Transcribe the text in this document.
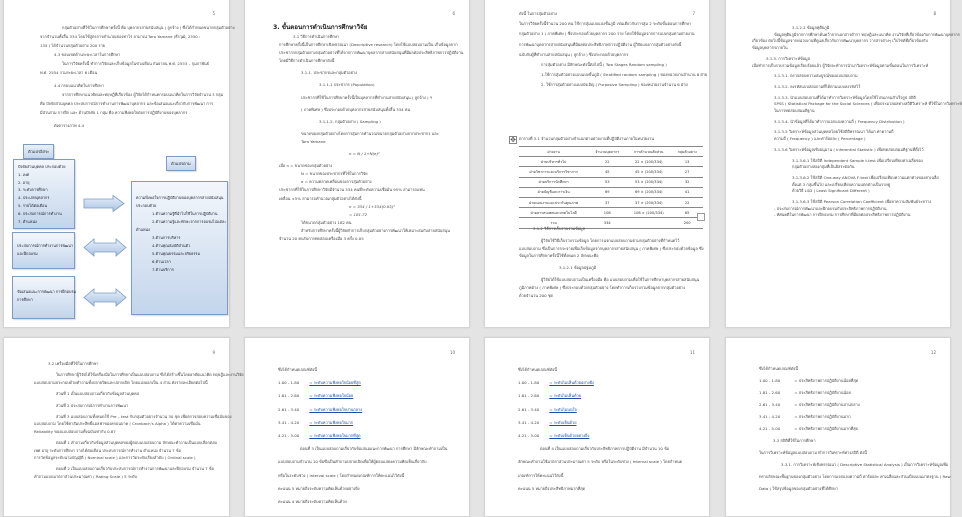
5
กลุ่มตัวอย่างที่ใช้ในการศึกษาครั้งนี้ คือ บุคลากรสายสนับสนุน ( ลูกจ้าง ) ซึ่งได้กำหนดขนาดกลุ่มตัวอย่าง
จากจำนวนทั้งสิ้น 334 โดยใช้สูตรการคำนวณของทาโร่ ยามาเน่ Taro Yamane (ธีรวุฒิ, 2550 :
135 ) ได้จำนวนกลุ่มตัวอย่าง 200 ราย
4.3 ขอบเขตด้านระยะเวลาในการศึกษา
ในการวิจัยครั้งนี้ ทำการวิจัยและเก็บข้อมูลในช่วงเดือน กันยายน พ.ศ. 2553 – กุมภาพันธ์
พ.ศ. 2554 รวมระยะเวลา 6 เดือน
4.4 กรอบแนวคิดในการศึกษา
จากการศึกษาแนวคิดและทฤษฎีที่เกี่ยวข้อง ผู้วิจัยได้กำหนดกรอบแนวคิดในการวิจัยจำนวน 3 กลุ่ม
คือ ปัจจัยส่วนบุคคล ประสบการณ์การทำงานการพัฒนาบุคลากร และข้อเสนอแนะเกี่ยวกับการพัฒนา การ
มีส่วนร่วม การฝึก และ ด้านปัจจัย 1 กลุ่ม คือ ความพึงพอใจต่อการปฏิบัติงานของบุคลากร
ดังตารางภาพ 4.4
ตัวแปรอิสระ
ตัวแปรตาม
ปัจจัยส่วนบุคคล ประกอบด้วย
1. เพศ
2. อายุ
3. ระดับการศึกษา
4. ประเภทบุคลากร
5. รายได้ต่อเดือน
6. ประสบการณ์การทำงาน
7. ตำแหน่ง
ประสบการณ์การทำงานการพัฒนา
และฝึกอบรม
ข้อเสนอแนะการพัฒนา การฝึกอบรม
การศึกษา
ความพึงพอใจการปฏิบัติงานของบุคลากรสายสนับสนุน
ประกอบด้วย
1.ด้านความรู้ที่นำไปใช้ในการปฏิบัติงาน
2.ด้านความรู้และทักษะจากการอบรมไปแต่ละ
ตำแหน่ง
3.ด้านการบริหาร
4.ด้านคุณสมบัติส่วนตัว
5.ด้านคุณธรรมและจริยธรรม
6.ด้านเวลา
7.ด้านบริการ
6
3. ขั้นตอนการดำเนินการศึกษาวิจัย
3.1 วิธีการดำเนินการศึกษา
การศึกษาครั้งนี้เป็นการศึกษาเชิงพรรณนา (Descriptive research) โดยใช้แบบสอบถามเป็น เก็บข้อมูลจาก
ประชากรกลุ่มตัวอย่างกลุ่มตัวอย่างที่ได้จากการพัฒนาบุคลากรสายสนับสนุนที่มีผลต่อประสิทธิภาพการปฏิบัติงาน
โดยมีวิธีการดำเนินการศึกษาดังนี้
3.1.1. ประชากรและกลุ่มตัวอย่าง
3.1.1.1 ประชากร (Population)
ประชากรที่ใช้ในการศึกษาครั้งนี้เป็นบุคลากรที่ทำงานสายสนับสนุน ( ลูกจ้าง ) ฯ
( ภาคพิเศษ ) ซึ่งประกอบด้วยบุคลากรสายสนับสนุนทั้งสิ้น 334 คน
3.1.1.2. กลุ่มตัวอย่าง ( Sampling )
ขนาดของกลุ่มตัวอย่างโดยการสุ่มการคำนวณขนาดกลุ่มตัวอย่างจากประชากร และ
Taro Yamane
n = N / 1+N(e)²
เมื่อ n = ขนาดของกลุ่มตัวอย่าง
N = ขนาดของประชากรที่ใช้ในการวิจัย
e = ความคลาดเคลื่อนของการสุ่มตัวอย่าง
ประชากรที่ใช้ในการศึกษาวิจัยมีจำนวน 334 คนที่ระดับความเชื่อมั่น 95% สามารถแทน
เคลื่อน ±5% สามารถคำนวณกลุ่มตัวอย่างได้ดังนี้
n = 334 / 1+334(0.05)²
= 181.72
ได้ขนาดกลุ่มตัวอย่าง 182 คน
สำหรับการศึกษาครั้งนี้ผู้วิจัยทำการเก็บกลุ่มตัวอย่างการพัฒนาให้เหมาะสมกับสายสนับสนุน
จำนวน 20 คนรับการทดสอบเครื่องมือ 3 ครั้ง 0.05
7
ดังนี้ ในการสุ่มตัวอย่าง
ในการวิจัยครั้งนี้จำนวน 200 คน ใช้การสุ่มแบบแบ่งชั้นภูมิ เช่นเดียวกับการสุ่ม 2 ระดับขั้นตอนการศึกษา
กลุ่มตัวอย่าง 1 ( ภาคพิเศษ ) ซึ่งประกอบด้วยบุคลากร 200 ราย โดยใช้ข้อมูลจากการแบ่งกลุ่มตามฝ่ายงาน
การพัฒนาบุคลากรสายสนับสนุนที่มีผลต่อประสิทธิภาพการปฏิบัติงาน ผู้วิจัยแบ่งการสุ่มตัวอย่างดังนี้
ฉบับกับผู้ที่ทำงานสายสนับสนุน ( ลูกจ้าง ) ซึ่งประกอบด้วยบุคลากร
การสุ่มตัวอย่าง มีลักษณะดังนี้ต่อไปนี้ ( Two Stages Random sampling )
1.ใช้การสุ่มตัวอย่างแบบแบ่งชั้นภูมิ ( Stratified random sampling ) ของหน่วยงานจำนวน 6 ฝ่าย
2. ใช้การสุ่มตัวอย่างแบบบังเอิญ ( Purposive Sampling ) ของหน่วยงานจำนวน 6 ฝ่าย
✥ ตารางที่ 3.1 จำนวนกลุ่มตัวอย่างจำแนกตามฝ่ายงานที่ปฏิบัติงานภายในหน่วยงาน
ฝ่ายงาน	จำนวนบุคลากร	การคำนวณสัดส่วน	กลุ่มตัวอย่าง
ฝ่ายบริหารทั่วไป	22	22 × (200/334)	13
ฝ่ายวิชาการและบริการวิชาการ	45	45 × (200/334)	27
ฝ่ายบริการนักศึกษา	53	53 × (200/334)	32
ฝ่ายบัญชีและการเงิน	69	69 × (200/334)	41
ฝ่ายแผนงานและประกันคุณภาพ	37	37 × (200/334)	22
ฝ่ายสารสนเทศและเทคโนโลยี	108	108 × (200/334)	65
รวม	334		200
3.1.2 วิธีการเก็บรวบรวมข้อมูล
ผู้วิจัยใช้วิธีเก็บรวบรวมข้อมูล โดยการแจกแบบสอบถามตามกลุ่มตัวอย่างที่กำหนดไว้
แบบสอบถาม ซึ่งเป็นการกระจายเพื่อเก็บข้อมูลจากบุคลากรสายสนับสนุน ( ภาคพิเศษ ) ซึ่งประกอบด้วยข้อมูล ซึ่ง
ข้อมูลในการศึกษาครั้งนี้ใช้ทั้งหมด 2 ลักษณะคือ
3.1.2.1 ข้อมูลปฐมภูมิ
ผู้วิจัยได้ใช้แบบสอบถามเป็นเครื่องมือ คือ แบบสอบถามเพื่อใช้ในการศึกษาบุคลากรสายสนับสนุน
ภูมิภาคต่าง ( ภาคพิเศษ ) ซึ่งประกอบด้วยกลุ่มตัวอย่าง โดยทำการเก็บรวบรวมข้อมูลจากกลุ่มตัวอย่าง
ด้วยจำนวน 200 ชุด
8
3.1.2.2 ข้อมูลทุติยภูมิ
ข้อมูลทุติยภูมิจากการศึกษาค้นคว้าจากเอกสารตำรา ทฤษฎีและแนวคิด งานวิจัยที่เกี่ยวข้องกับการพัฒนาบุคลากร
เกี่ยวข้อง ต่อไปนี้ข้อมูลจากหน่วยงานที่ดูแลเกี่ยวกับการพัฒนาบุคลากร วารสารต่างๆ เว็บไซต์ที่เกี่ยวข้องกับ
ข้อมูลบุคลากรภายใน
3.1.3. การวิเคราะห์ข้อมูล
เมื่อทำการเก็บรวบรวมข้อมูลเรียบร้อยแล้ว ผู้วิจัยจะทำการนำมาวิเคราะห์ข้อมูลตามขั้นตอนในการวิเคราะห์
3.1.3.1. ตรวจสอบความสมบูรณ์ของแบบสอบถาม
3.1.3.2. ลงรหัสแบบสอบถามที่ได้ตามแบบลงรหัสไว้
3.1.3.3. นำแบบสอบถามที่ได้มาทำการวิเคราะห์ข้อมูลโดยใช้โปรแกรมสำเร็จรูป สถิติ
SPSS ( Statistical Package for the Social Sciences ) เพื่อประมวลผลทางสถิติวิเคราะห์ ที่ใช้ในการวิเคราะห์
ในการทดสอบสมมติฐาน
3.1.3.4. นำข้อมูลที่ได้มาทำการแจกแจงความถี่ ( Frequency Distribution )
3.1.3.5 วิเคราะห์ข้อมูลส่วนบุคคลโดยใช้สถิติพรรณนา ได้แก่ ค่าความถี่
ความถี่ ( Frequency ) และค่าร้อยละ ( Percentage )
3.1.3.6 วิเคราะห์ข้อมูลเชิงอนุมาน ( Inferential Statistic ) เพื่อทดสอบสมมติฐานที่ตั้งไว้
3.1.3.6.1 ใช้สถิติ Independent Sample t-test เพื่อเปรียบเทียบค่าเฉลี่ยของ
กลุ่มตัวอย่างสองกลุ่มที่เป็นอิสระต่อกัน
3.1.3.6.2 ใช้สถิติ One-way ANOVA F-test เพื่อเปรียบเทียบความแตกต่างของค่าเฉลี่ย
ตั้งแต่ 3 กลุ่มขึ้นไป และเปรียบเทียบความแตกต่างเป็นรายคู่
ด้วยวิธี LSD ( Least Significant Different )
3.1.3.6.3 ใช้สถิติ Pearson Correlation Coefficient เพื่อหาความสัมพันธ์ระหว่าง
- ประสบการณ์การพัฒนาและฝึกอบรมกับประสิทธิภาพการปฏิบัติงาน
- ทัศนคติในการพัฒนา การฝึกอบรม การศึกษาที่มีผลต่อประสิทธิภาพการปฏิบัติงาน
9
3.2 เครื่องมือที่ใช้ในการศึกษา
ในการศึกษาผู้วิจัยได้ใช้เครื่องมือในการศึกษาเป็นแบบสอบถาม ซึ่งได้สร้างขึ้นโดยอาศัยแนวคิด ทฤษฎีและงานวิจัย
แบบสอบถามประกอบด้วยคำถามทั้งปลายปิดและปลายเปิด โดยแบ่งออกเป็น 4 ส่วน ดังรายละเอียดต่อไปนี้
ส่วนที่ 1 เป็นแบบสอบถามเกี่ยวกับข้อมูลส่วนบุคคล
ส่วนที่ 2 ประสบการณ์การทำงานการพัฒนา
ส่วนที่ 3 แบบสอบถามทั้งหมดใช้ Pre – test กับกลุ่มตัวอย่างจำนวน 30 ชุด เพื่อตรวจสอบความเชื่อมั่นของ
แบบสอบถาม โดยใช้ค่าสัมประสิทธิ์แอลฟาของครอนบาค ( Cronbach's Alpha ) ได้ค่าความเชื่อมั่น
Reliability ของแบบสอบถามทั้งฉบับเท่ากับ 0.87
ตอนที่ 1 คำถามเกี่ยวกับข้อมูลส่วนบุคคลของผู้ตอบแบบสอบถาม ลักษณะคำถามเป็นแบบเลือกตอบ
เพศ อายุ ระดับการศึกษา รายได้ต่อเดือน ประสบการณ์การทำงาน ตำแหน่ง จำนวน 7 ข้อ
การวัดข้อมูลระดับนามบัญญัติ ( Nominal scale ) และการวัดระดับเรียงลำดับ ( Ordinal scale )
ตอนที่ 2 เป็นแบบสอบถามเกี่ยวกับประสบการณ์การทำงานการพัฒนาและฝึกอบรม จำนวน 7 ข้อ
คำถามแบบมาตราส่วนประมาณค่า ( Rating Scale ) 5 ระดับ
10
ซึ่งได้กำหนดเกณฑ์ดังนี้
1.00 - 1.80	= ระดับความพึงพอใจน้อยที่สุด
1.81 - 2.60	= ระดับความพึงพอใจน้อย
2.61 - 3.40	= ระดับความพึงพอใจปานกลาง
3.41 - 4.20	= ระดับความพึงพอใจมาก
4.21 - 5.00	= ระดับความพึงพอใจมากที่สุด
ตอนที่ 3 เป็นแบบสอบถามเกี่ยวกับข้อเสนอแนะการพัฒนา การศึกษา มีลักษณะคำถามเป็น
แบบสอบถามจำนวน 10 ข้อซึ่งเป็นคำถามปลายเปิดเพื่อให้ผู้ตอบแสดงความคิดเห็นเกี่ยวกับ
หรือในระดับช่วง ( Interval scale ) โดยกำหนดเกณฑ์การให้คะแนนไว้ดังนี้
คะแนน 5 หมายถึงระดับความคิดเห็นด้วยอย่างยิ่ง
คะแนน 4 หมายถึงระดับความคิดเห็นด้วย
11
ซึ่งได้กำหนดเกณฑ์ดังนี้
1.00 - 1.80	= ระดับไม่เห็นด้วยอย่างยิ่ง
1.81 - 2.60	= ระดับไม่เห็นด้วย
2.61 - 3.40	= ระดับไม่แน่ใจ
3.41 - 4.20	= ระดับเห็นด้วย
4.21 - 5.00	= ระดับเห็นด้วยอย่างยิ่ง
ตอนที่ 4 เป็นแบบสอบถามเกี่ยวกับประสิทธิภาพการปฏิบัติงาน มีจำนวน 10 ข้อ
ลักษณะคำถามใช้มาตราส่วนประมาณค่า 5 ระดับ หรือในระดับช่วง ( Interval scale ) โดยกำหนด
เกณฑ์การให้คะแนนไว้ดังนี้
คะแนน 5 หมายถึงประสิทธิภาพมากที่สุด
12
ซึ่งได้กำหนดเกณฑ์ดังนี้
1.00 - 1.80	= ประสิทธิภาพการปฏิบัติงานน้อยที่สุด
1.81 - 2.60	= ประสิทธิภาพการปฏิบัติงานน้อย
2.61 - 3.40	= ประสิทธิภาพการปฏิบัติงานปานกลาง
3.41 - 4.20	= ประสิทธิภาพการปฏิบัติงานมาก
4.21 - 5.00	= ประสิทธิภาพการปฏิบัติงานมากที่สุด
3.3 สถิติที่ใช้ในการศึกษา
ในการวิเคราะห์ข้อมูลแบบสอบถาม ทำการวิเคราะห์ทางสถิติ ดังนี้
3.3.1. การวิเคราะห์เชิงพรรณนา ( Descriptive Statistical Analysis ) เป็นการวิเคราะห์ข้อมูลเพื่อ
ทราบลักษณะพื้นฐานของกลุ่มตัวอย่าง โดยการแจกแจงความถี่ ค่าร้อยละ ค่าเฉลี่ยและส่วนเบี่ยงเบนมาตรฐาน ( Raw
Data ) ใช้สรุปข้อมูลของกลุ่มตัวอย่างที่ได้ศึกษา
